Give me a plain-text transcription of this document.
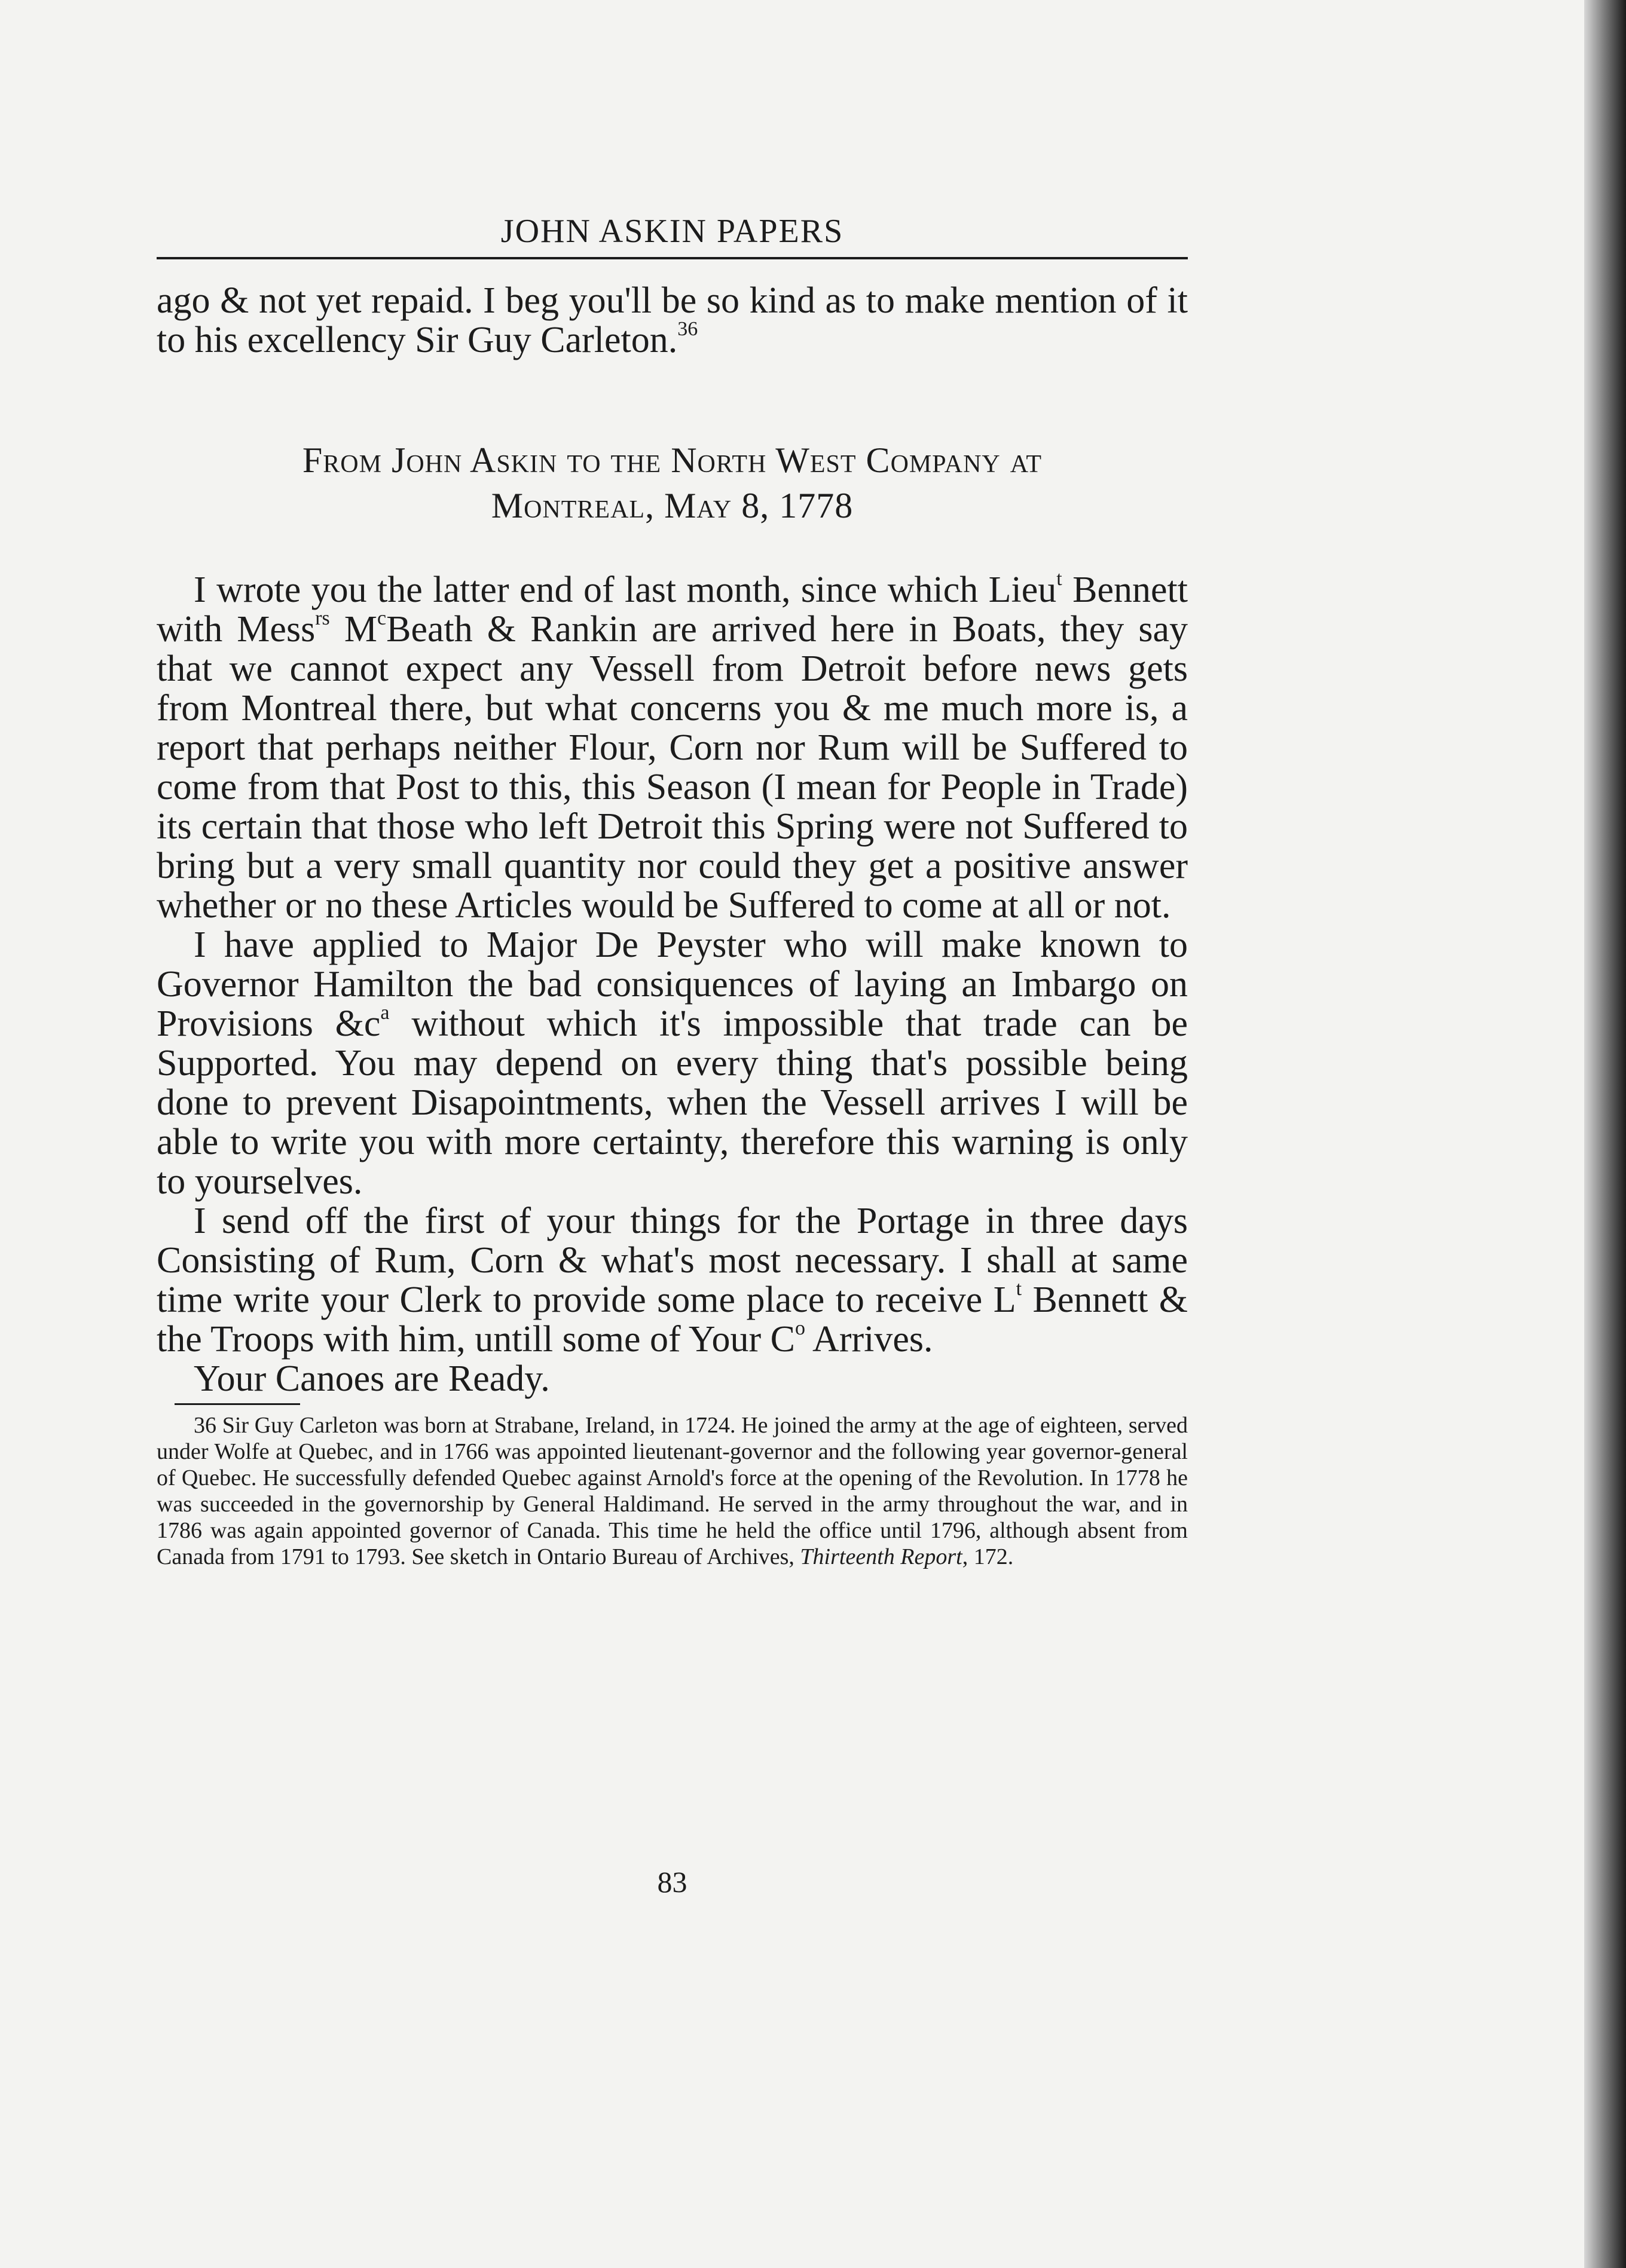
JOHN ASKIN PAPERS

ago & not yet repaid. I beg you'll be so kind as to make mention of it to his excellency Sir Guy Carleton.$^{36}$

From John Askin to the North West Company at
Montreal, May 8, 1778

I wrote you the latter end of last month, since which Lieu$^t$ Bennett with Mess$^{rs}$ $M^cBeath$ & Rankin are arrived here in Boats, they say that we cannot expect any Vessell from Detroit before news gets from Montreal there, but what concerns you & me much more is, a report that perhaps neither Flour, Corn nor Rum will be Suffered to come from that Post to this, this Season (I mean for People in Trade) its certain that those who left Detroit this Spring were not Suffered to bring but a very small quantity nor could they get a positive answer whether or no these Articles would be Suffered to come at all or not.

I have applied to Major De Peyster who will make known to Governor Hamilton the bad consiquences of laying an Imbargo on Provisions $\&c^a$ without which it's impossible that trade can be Supported. You may depend on every thing that's possible being done to prevent Disapointments, when the Vessell arrives I will be able to write you with more certainty, therefore this warning is only to yourselves.

I send off the first of your things for the Portage in three days Consisting of Rum, Corn & what's most necessary. I shall at same time write your Clerk to provide some place to receive $L^t$ Bennett & the Troops with him, untill some of Your $C^o$ Arrives.

Your Canoes are Ready.

36 Sir Guy Carleton was born at Strabane, Ireland, in 1724. He joined the army at the age of eighteen, served under Wolfe at Quebec, and in 1766 was appointed lieutenant-governor and the following year governor-general of Quebec. He successfully defended Quebec against Arnold's force at the opening of the Revolution. In 1778 he was succeeded in the governorship by General Haldimand. He served in the army throughout the war, and in 1786 was again appointed governor of Canada. This time he held the office until 1796, although absent from Canada from 1791 to 1793. See sketch in Ontario Bureau of Archives, Thirteenth Report, 172.

83
